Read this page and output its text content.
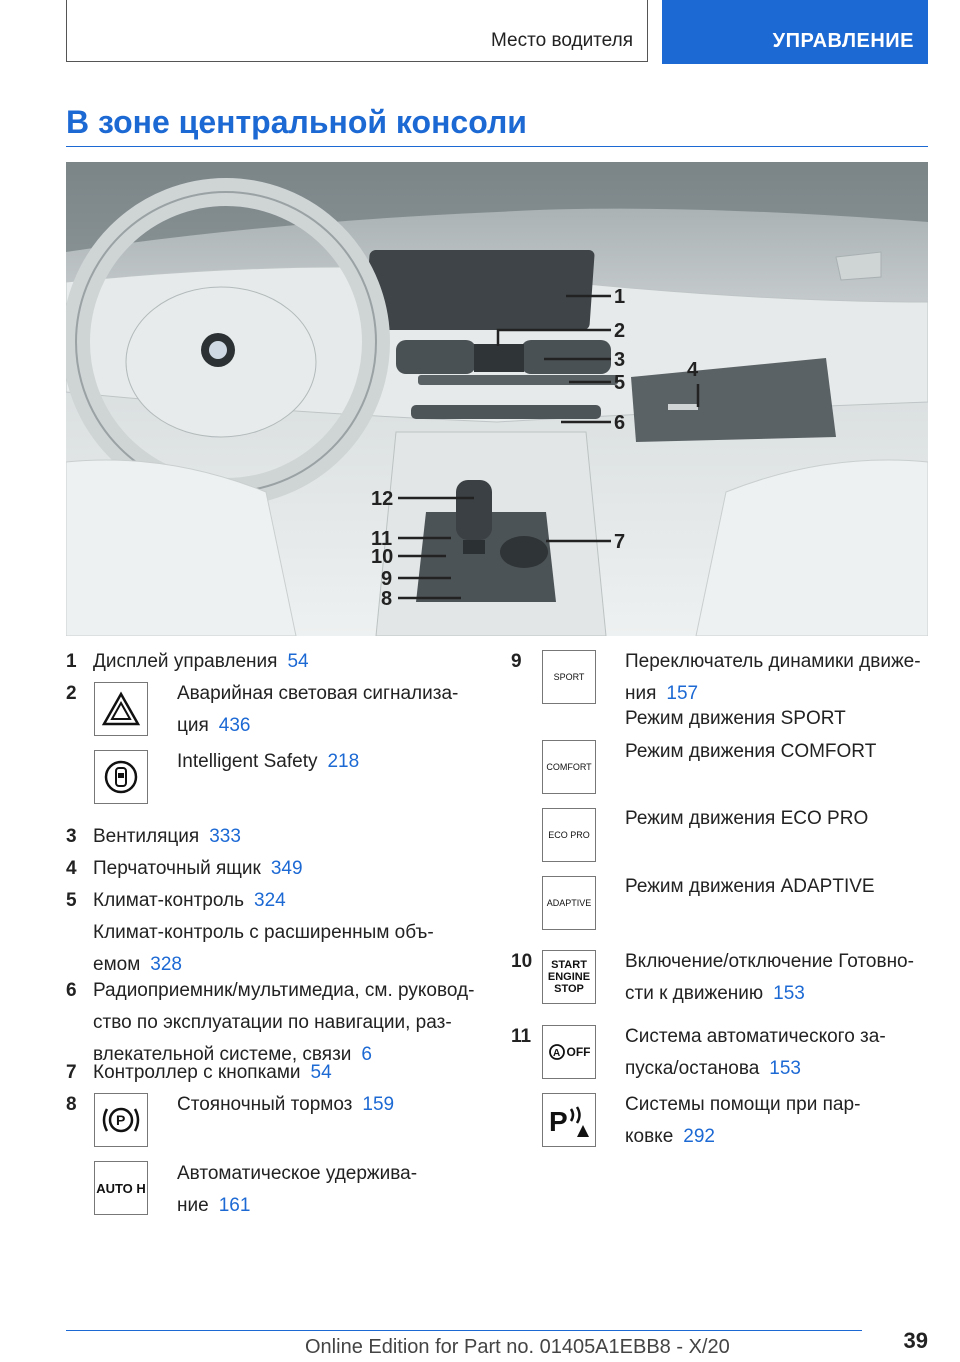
Место водителя	УПРАВЛЕНИЕ
В зоне центральной консоли
1
2
3
5
4
6
12
11
10
9
8
7
1 Дисплей управления 54
2	Аварийная световая сигнализа-
ция 436
Intelligent Safety 218
3 Вентиляция 333
4 Перчаточный ящик 349
5 Климат-контроль 324
Климат-контроль с расширенным объ-
емом 328
6 Радиоприемник/мультимедиа, см. руковод-
ство по эксплуатации по навигации, раз-
влекательной системе, связи 6
7 Контроллер с кнопками 54
8
P
Стояночный тормоз 159
AUTO H
Автоматическое удержива-
ние 161
9
SPORT
Переключатель динамики движе-
ния 157
Режим движения SPORT
COMFORT
Режим движения COMFORT
ECO PRO
Режим движения ECO PRO
ADAPTIVE
Режим движения ADAPTIVE
10 START
ENGINE
STOP
Включение/отключение Готовно-
сти к движению 153
11
A OFF
Система автоматического за-
пуска/останова 153
P
Системы помощи при пар-
ковке 292
39
Online Edition for Part no. 01405A1EBB8 - X/20
